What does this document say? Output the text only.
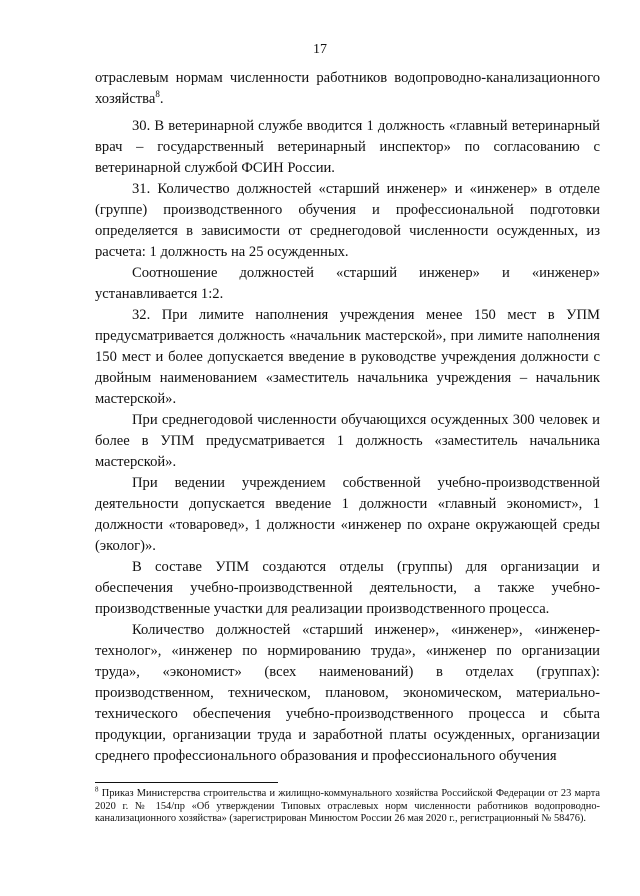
17

отраслевым нормам численности работников водопроводно-канализационного хозяйства$^8$.

30. В ветеринарной службе вводится 1 должность «главный ветеринарный врач – государственный ветеринарный инспектор» по согласованию с ветеринарной службой ФСИН России.

31. Количество должностей «старший инженер» и «инженер» в отделе (группе) производственного обучения и профессиональной подготовки определяется в зависимости от среднегодовой численности осужденных, из расчета: 1 должность на 25 осужденных.

Соотношение должностей «старший инженер» и «инженер» устанавливается 1:2.

32. При лимите наполнения учреждения менее 150 мест в УПМ предусматривается должность «начальник мастерской», при лимите наполнения 150 мест и более допускается введение в руководстве учреждения должности с двойным наименованием «заместитель начальника учреждения – начальник мастерской».

При среднегодовой численности обучающихся осужденных 300 человек и более в УПМ предусматривается 1 должность «заместитель начальника мастерской».

При ведении учреждением собственной учебно-производственной деятельности допускается введение 1 должности «главный экономист», 1 должности «товаровед», 1 должности «инженер по охране окружающей среды (эколог)».

В составе УПМ создаются отделы (группы) для организации и обеспечения учебно-производственной деятельности, а также учебно-производственные участки для реализации производственного процесса.

Количество должностей «старший инженер», «инженер», «инженер-технолог», «инженер по нормированию труда», «инженер по организации труда», «экономист» (всех наименований) в отделах (группах): производственном, техническом, плановом, экономическом, материально-технического обеспечения учебно-производственного процесса и сбыта продукции, организации труда и заработной платы осужденных, организации среднего профессионального образования и профессионального обучения

$^8$ Приказ Министерства строительства и жилищно-коммунального хозяйства Российской Федерации от 23 марта 2020 г. № 154/пр «Об утверждении Типовых отраслевых норм численности работников водопроводно-канализационного хозяйства» (зарегистрирован Минюстом России 26 мая 2020 г., регистрационный № 58476).
